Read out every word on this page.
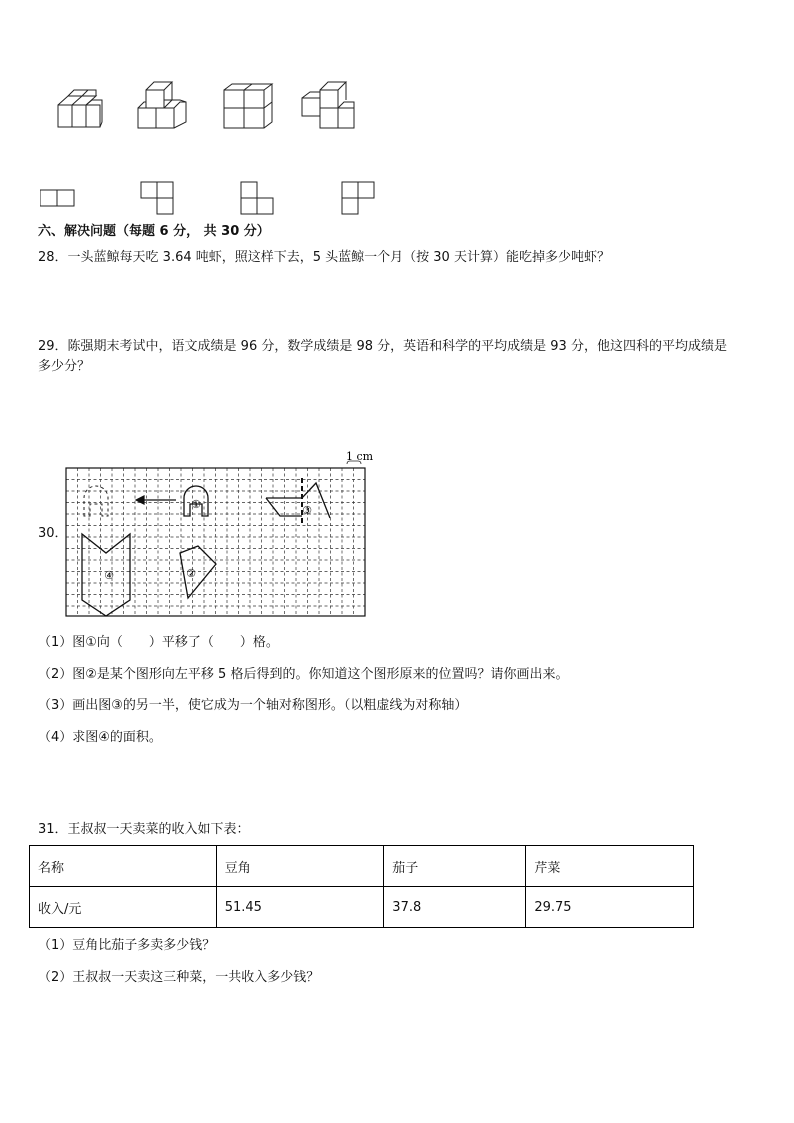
六、解决问题（每题 6 分， 共 30 分）
28．一头蓝鲸每天吃 3.64 吨虾，照这样下去，5 头蓝鲸一个月（按 30 天计算）能吃掉多少吨虾？
29．陈强期末考试中，语文成绩是 96 分，数学成绩是 98 分，英语和科学的平均成绩是 93 分，他这四科的平均成绩是
多少分？
30．
1 cm
①
②
③
④
（1）图①向（　　）平移了（　　）格。
（2）图②是某个图形向左平移 5 格后得到的。你知道这个图形原来的位置吗？请你画出来。
（3）画出图③的另一半，使它成为一个轴对称图形。（以粗虚线为对称轴）
（4）求图④的面积。
31．王叔叔一天卖菜的收入如下表：
名称	豆角	茄子	芹菜
收入/元	51.45	37.8	29.75
（1）豆角比茄子多卖多少钱？
（2）王叔叔一天卖这三种菜，一共收入多少钱？
